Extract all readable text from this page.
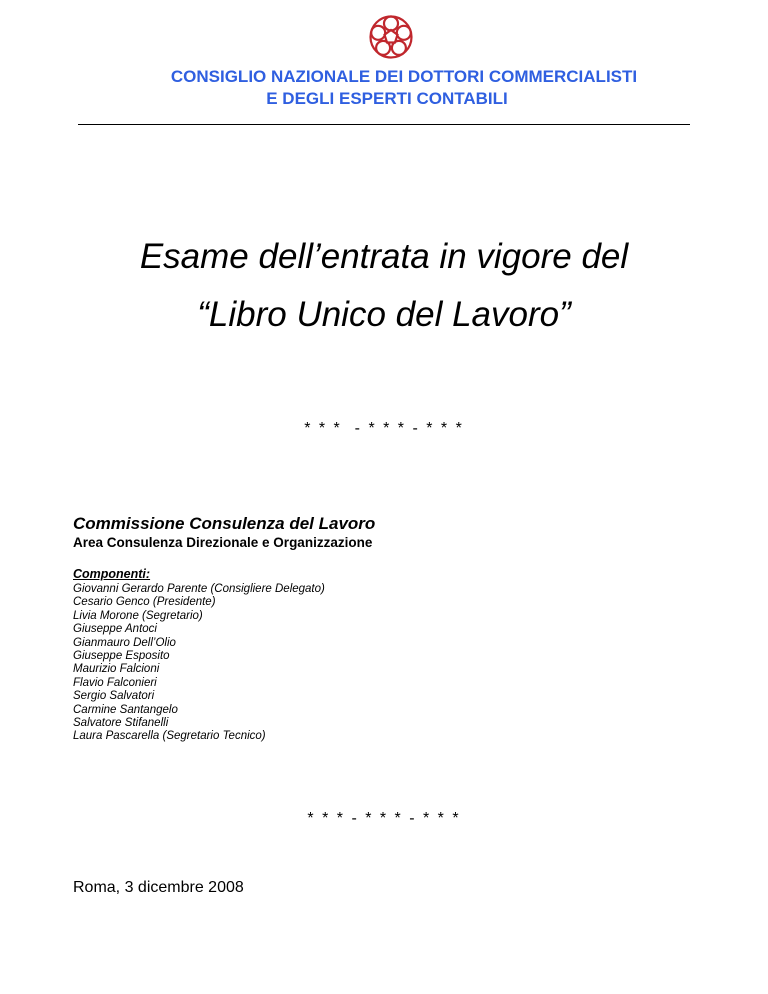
CONSIGLIO NAZIONALE DEI DOTTORI COMMERCIALISTI
E DEGLI ESPERTI CONTABILI
Esame dell’entrata in vigore del
“Libro Unico del Lavoro”
* * *  - * * * - * * *
Commissione Consulenza del Lavoro
Area Consulenza Direzionale e Organizzazione
Componenti:
Giovanni Gerardo Parente (Consigliere Delegato)
Cesario Genco (Presidente)
Livia Morone (Segretario)
Giuseppe Antoci
Gianmauro Dell’Olio
Giuseppe Esposito
Maurizio Falcioni
Flavio Falconieri
Sergio Salvatori
Carmine Santangelo
Salvatore Stifanelli
Laura Pascarella (Segretario Tecnico)
* * * - * * * - * * *
Roma, 3 dicembre 2008
